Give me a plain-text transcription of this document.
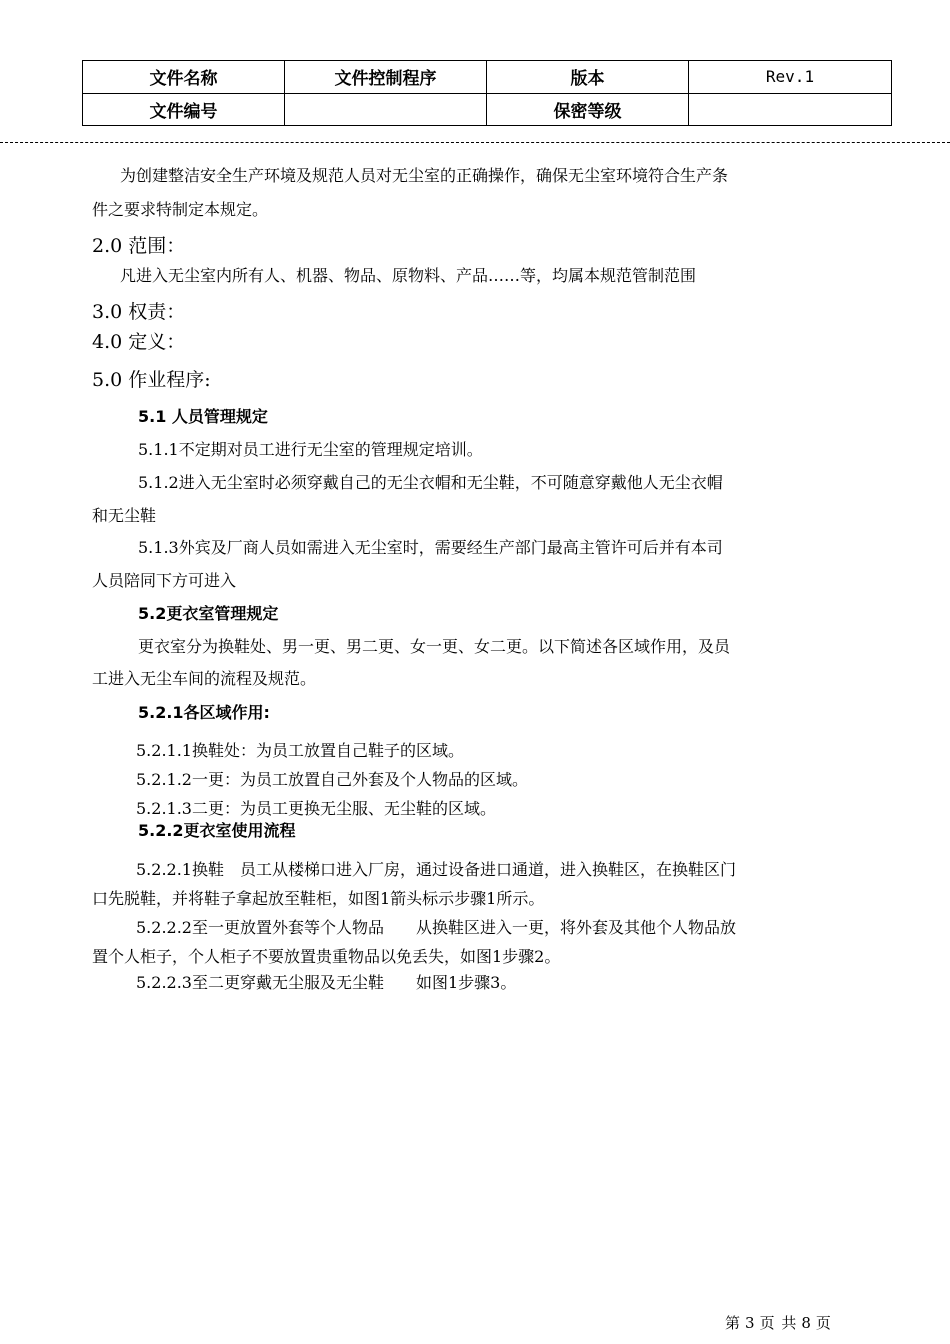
文件名称	文件控制程序	版本	Rev.1
文件编号		保密等级	
为创建整洁安全生产环境及规范人员对无尘室的正确操作，确保无尘室环境符合生产条
件之要求特制定本规定。
2.0 范围：
凡进入无尘室内所有人、机器、物品、原物料、产品……等，均属本规范管制范围
3.0 权责：
4.0 定义：
5.0 作业程序:
5.1 人员管理规定
5.1.1不定期对员工进行无尘室的管理规定培训。
5.1.2进入无尘室时必须穿戴自己的无尘衣帽和无尘鞋，不可随意穿戴他人无尘衣帽
和无尘鞋
5.1.3外宾及厂商人员如需进入无尘室时，需要经生产部门最高主管许可后并有本司
人员陪同下方可进入
5.2更衣室管理规定
更衣室分为换鞋处、男一更、男二更、女一更、女二更。以下简述各区域作用，及员
工进入无尘车间的流程及规范。
5.2.1各区域作用:
5.2.1.1换鞋处：为员工放置自己鞋子的区域。
5.2.1.2一更：为员工放置自己外套及个人物品的区域。
5.2.1.3二更：为员工更换无尘服、无尘鞋的区域。
5.2.2更衣室使用流程
5.2.2.1换鞋　员工从楼梯口进入厂房，通过设备进口通道，进入换鞋区，在换鞋区门
口先脱鞋，并将鞋子拿起放至鞋柜，如图1箭头标示步骤1所示。
5.2.2.2至一更放置外套等个人物品　　从换鞋区进入一更，将外套及其他个人物品放
置个人柜子，个人柜子不要放置贵重物品以免丢失，如图1步骤2。
5.2.2.3至二更穿戴无尘服及无尘鞋　　如图1步骤3。
第 3 页 共 8 页
